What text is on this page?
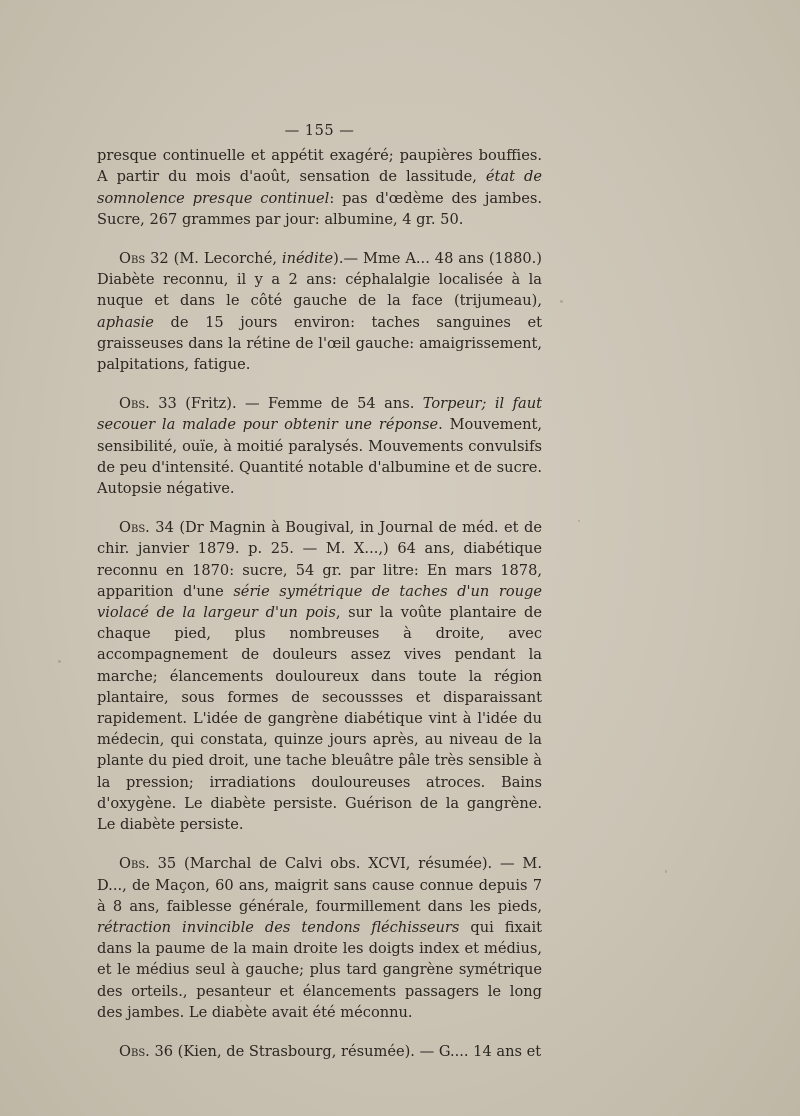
— 155 —

presque continuelle et appétit exagéré; paupières bouffies. A partir du mois d'août, sensation de lassitude, état de somnolence presque continuel: pas d'œdème des jambes. Sucre, 267 grammes par jour: albumine, 4 gr. 50.

Obs 32 (M. Lecorché, inédite).— Mme A... 48 ans (1880.) Diabète reconnu, il y a 2 ans: céphalalgie localisée à la nuque et dans le côté gauche de la face (trijumeau), aphasie de 15 jours environ: taches sanguines et graisseuses dans la rétine de l'œil gauche: amaigrissement, palpitations, fatigue.

Obs. 33 (Fritz). — Femme de 54 ans. Torpeur; il faut secouer la malade pour obtenir une réponse. Mouvement, sensibilité, ouïe, à moitié paralysés. Mouvements convulsifs de peu d'intensité. Quantité notable d'albumine et de sucre. Autopsie négative.

Obs. 34 (Dr Magnin à Bougival, in Journal de méd. et de chir. janvier 1879. p. 25. — M. X...,) 64 ans, diabétique reconnu en 1870: sucre, 54 gr. par litre: En mars 1878, apparition d'une série symétrique de taches d'un rouge violacé de la largeur d'un pois, sur la voûte plantaire de chaque pied, plus nombreuses à droite, avec accompagnement de douleurs assez vives pendant la marche; élancements douloureux dans toute la région plantaire, sous formes de secoussses et disparaissant rapidement. L'idée de gangrène diabétique vint à l'idée du médecin, qui constata, quinze jours après, au niveau de la plante du pied droit, une tache bleuâtre pâle très sensible à la pression; irradiations douloureuses atroces. Bains d'oxygène. Le diabète persiste. Guérison de la gangrène. Le diabète persiste.

Obs. 35 (Marchal de Calvi obs. XCVI, résumée). — M. D..., de Maçon, 60 ans, maigrit sans cause connue depuis 7 à 8 ans, faiblesse générale, fourmillement dans les pieds, rétraction invincible des tendons fléchisseurs qui fixait dans la paume de la main droite les doigts index et médius, et le médius seul à gauche; plus tard gangrène symétrique des orteils., pesanteur et élancements passagers le long des jambes. Le diabète avait été méconnu.

Obs. 36 (Kien, de Strasbourg, résumée). — G.... 14 ans et
